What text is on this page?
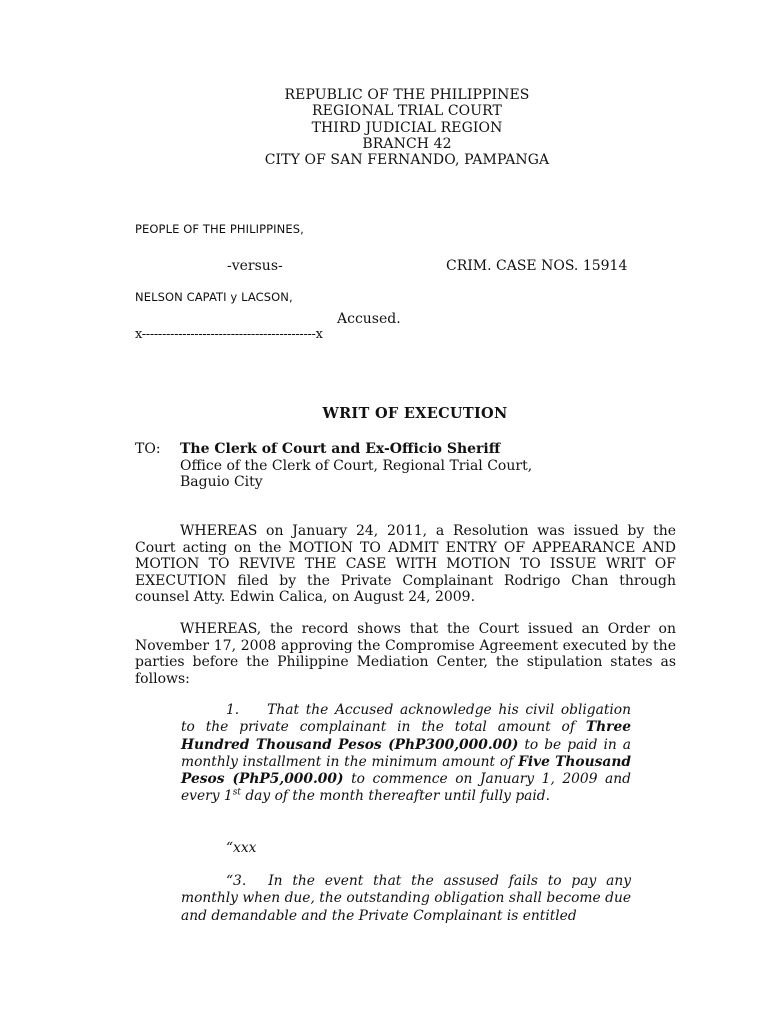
REPUBLIC OF THE PHILIPPINES
REGIONAL TRIAL COURT
THIRD JUDICIAL REGION
BRANCH 42
CITY OF SAN FERNANDO, PAMPANGA
PEOPLE OF THE PHILIPPINES,
-versus-	CRIM. CASE NOS. 15914
NELSON CAPATI y LACSON,
Accused.
x-------------------------------------------x
WRIT OF EXECUTION
TO: The Clerk of Court and Ex-Officio Sheriff
Office of the Clerk of Court, Regional Trial Court,
Baguio City
WHEREAS on January 24, 2011, a Resolution was issued by the Court acting on the MOTION TO ADMIT ENTRY OF APPEARANCE AND MOTION TO REVIVE THE CASE WITH MOTION TO ISSUE WRIT OF EXECUTION filed by the Private Complainant Rodrigo Chan through counsel Atty. Edwin Calica, on August 24, 2009.
WHEREAS, the record shows that the Court issued an Order on November 17, 2008 approving the Compromise Agreement executed by the parties before the Philippine Mediation Center, the stipulation states as follows:
1. That the Accused acknowledge his civil obligation to the private complainant in the total amount of Three Hundred Thousand Pesos (PhP300,000.00) to be paid in a monthly installment in the minimum amount of Five Thousand Pesos (PhP5,000.00) to commence on January 1, 2009 and every 1st day of the month thereafter until fully paid.
“xxx
“3. In the event that the assused fails to pay any monthly when due, the outstanding obligation shall become due and demandable and the Private Complainant is entitled
